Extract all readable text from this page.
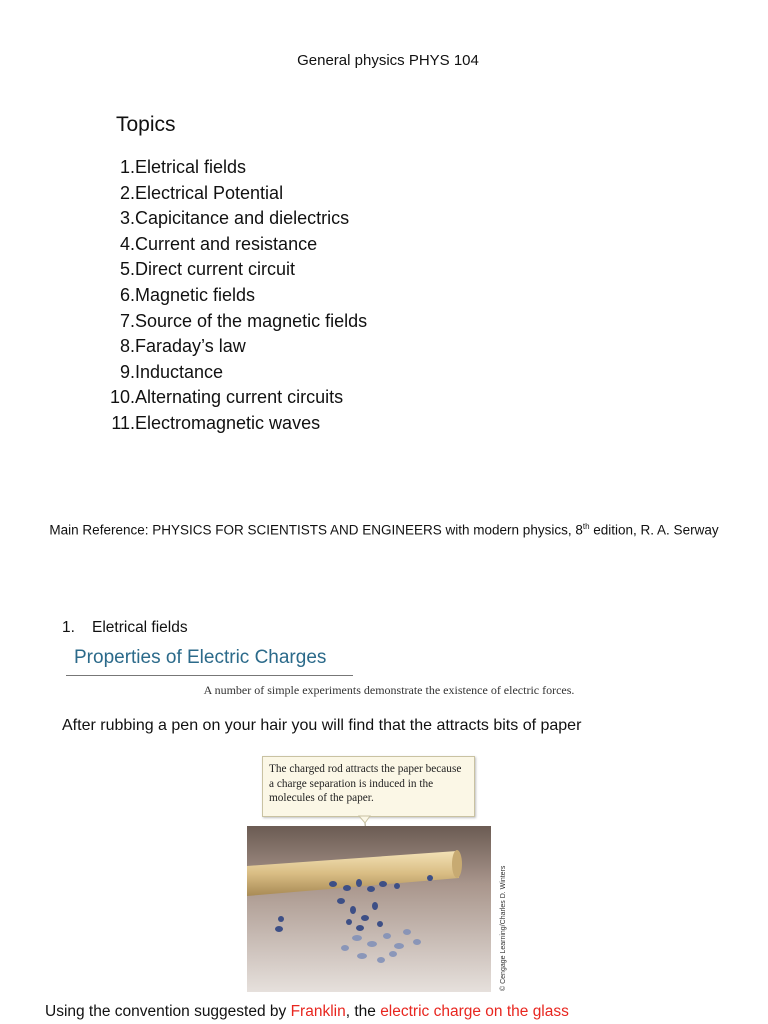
General physics PHYS 104
Topics
1. Eletrical fields
2. Electrical Potential
3. Capicitance and dielectrics
4. Current and resistance
5. Direct current circuit
6. Magnetic fields
7. Source of the magnetic fields
8. Faraday’s law
9. Inductance
10. Alternating current circuits
11. Electromagnetic waves
Main Reference: PHYSICS FOR SCIENTISTS AND ENGINEERS with modern physics, 8th edition, R. A. Serway
1. Eletrical fields
Properties of Electric Charges
A number of simple experiments demonstrate the existence of electric forces.
After rubbing a pen on your hair you will find that the attracts bits of paper
The charged rod attracts the paper because a charge separation is induced in the molecules of the paper.
© Cengage Learning/Charles D. Winters
Using the convention suggested by Franklin, the electric charge on the glass
